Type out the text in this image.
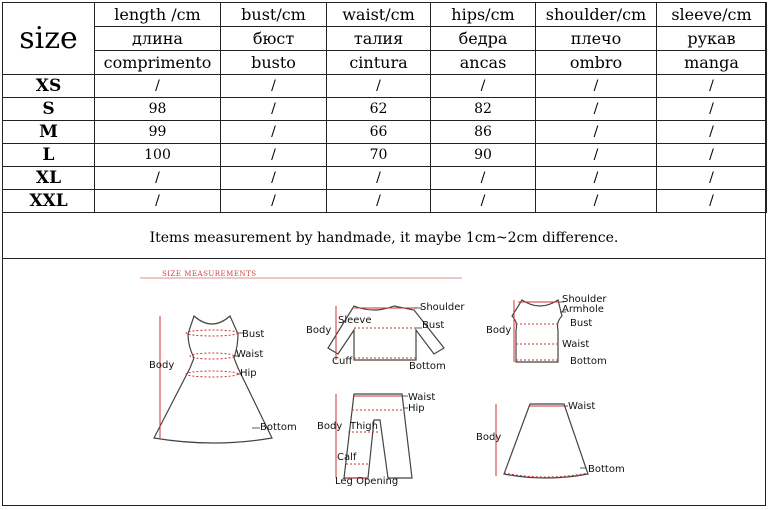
size	length /cm	bust/cm	waist/cm	hips/cm	shoulder/cm	sleeve/cm
	длина	бюст	талия	бедра	плечо	рукав
	comprimento	busto	cintura	ancas	ombro	manga
XS	/	/	/	/	/	/
S	98	/	62	82	/	/
M	99	/	66	86	/	/
L	100	/	70	90	/	/
XL	/	/	/	/	/	/
XXL	/	/	/	/	/	/
Items measurement by handmade, it maybe 1cm~2cm difference.
SIZE MEASUREMENTS
Bust
Waist
Hip
Body
Bottom
Shoulder
Sleeve
Body	Bust
Cuff	Bottom
Shoulder
Armhole
Body
Bust
Waist
Bottom
Waist
Hip
Body Thigh
Calf
Leg Opening
Waist
Body
Bottom
